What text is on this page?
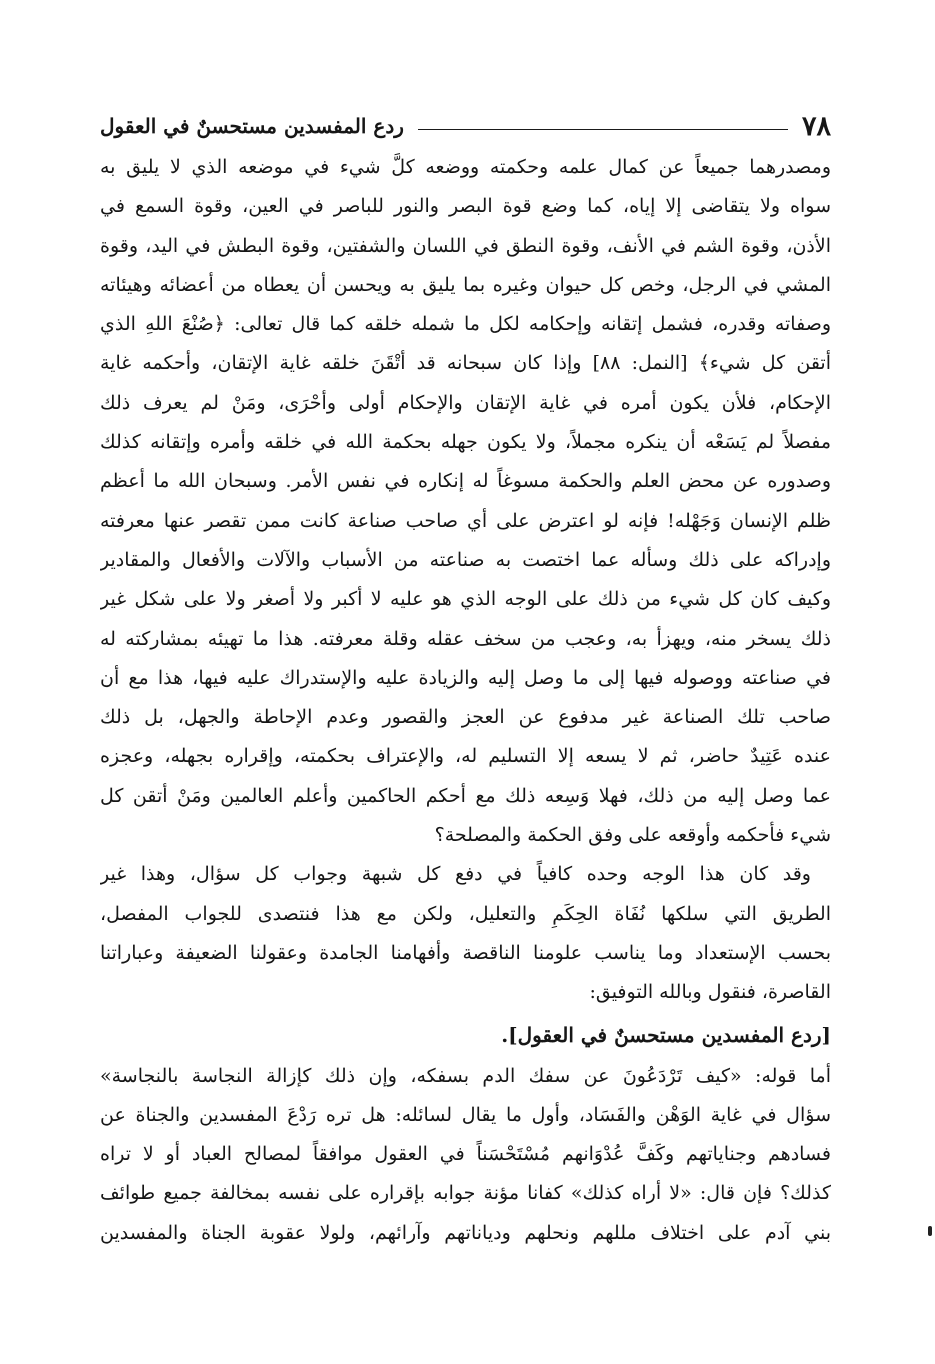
٧٨
ردع المفسدين مستحسنٌ في العقول
ومصدرهما جميعاً عن كمال علمه وحكمته ووضعه كلَّ شيء في موضعه الذي لا يليق به
سواه ولا يتقاضى إلا إياه، كما وضع قوة البصر والنور للباصر في العين، وقوة السمع في
الأذن، وقوة الشم في الأنف، وقوة النطق في اللسان والشفتين، وقوة البطش في اليد، وقوة
المشي في الرجل، وخص كل حيوان وغيره بما يليق به ويحسن أن يعطاه من أعضائه وهيئاته
وصفاته وقدره، فشمل إتقانه وإحكامه لكل ما شمله خلقه كما قال تعالى: ﴿صُنْعَ اللهِ الذي
أتقن كل شيء﴾ [النمل: ٨٨] وإذا كان سبحانه قد أتْقَنَ خلقه غاية الإتقان، وأحكمه غاية
الإحكام، فلأن يكون أمره في غاية الإتقان والإحكام أولى وأحْرَى، ومَنْ لم يعرف ذلك
مفصلاً لم يَسَعْه أن ينكره مجملاً، ولا يكون جهله بحكمة الله في خلقه وأمره وإتقانه كذلك
وصدوره عن محض العلم والحكمة مسوغاً له إنكاره في نفس الأمر. وسبحان الله ما أعظم
ظلم الإنسان وَجَهْله! فإنه لو اعترض على أي صاحب صناعة كانت ممن تقصر عنها معرفته
وإدراكه على ذلك وسأله عما اختصت به صناعته من الأسباب والآلات والأفعال والمقادير
وكيف كان كل شيء من ذلك على الوجه الذي هو عليه لا أكبر ولا أصغر ولا على شكل غير
ذلك يسخر منه، ويهزأ به، وعجب من سخف عقله وقلة معرفته. هذا ما تهيئه بمشاركته له
في صناعته ووصوله فيها إلى ما وصل إليه والزيادة عليه والإستدراك عليه فيها، هذا مع أن
صاحب تلك الصناعة غير مدفوع عن العجز والقصور وعدم الإحاطة والجهل، بل ذلك
عنده عَتِيدٌ حاضر، ثم لا يسعه إلا التسليم له، والإعتراف بحكمته، وإقراره بجهله، وعجزه
عما وصل إليه من ذلك، فهلا وَسِعه ذلك مع أحكم الحاكمين وأعلم العالمين ومَنْ أتقن كل
شيء فأحكمه وأوقعه على وفق الحكمة والمصلحة؟
وقد كان هذا الوجه وحده كافياً في دفع كل شبهة وجواب كل سؤال، وهذا غير
الطريق التي سلكها نُفَاة الحِكَمِ والتعليل، ولكن مع هذا فنتصدى للجواب المفصل،
بحسب الإستعداد وما يناسب علومنا الناقصة وأفهامنا الجامدة وعقولنا الضعيفة وعباراتنا
القاصرة، فنقول وبالله التوفيق:
[ردع المفسدين مستحسنٌ في العقول].
أما قوله: «كيف تَرْدَعُونَ عن سفك الدم بسفكه، وإن ذلك كإزالة النجاسة بالنجاسة»
سؤال في غاية الوَهْن والفَسَاد، وأول ما يقال لسائله: هل تره رَدْعَ المفسدين والجناة عن
فسادهم وجناياتهم وكَفَّ عُدْوَانهم مُسْتَحْسَناً في العقول موافقاً لمصالح العباد أو لا تراه
كذلك؟ فإن قال: «لا أراه كذلك» كفانا مؤنة جوابه بإقراره على نفسه بمخالفة جميع طوائف
بني آدم على اختلاف مللهم ونحلهم ودياناتهم وآرائهم، ولولا عقوبة الجناة والمفسدين
